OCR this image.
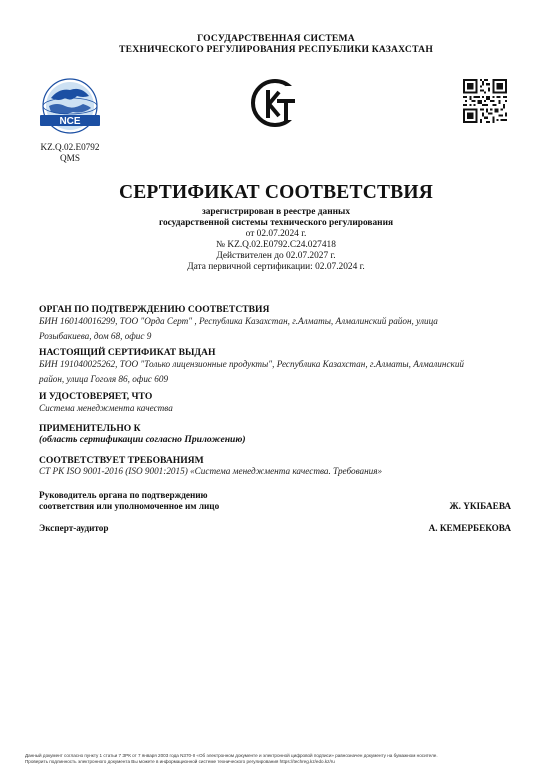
ГОСУДАРСТВЕННАЯ СИСТЕМА
ТЕХНИЧЕСКОГО РЕГУЛИРОВАНИЯ РЕСПУБЛИКИ КАЗАХСТАН
NCE
KZ.Q.02.E0792
QMS
СЕРТИФИКАТ СООТВЕТСТВИЯ
зарегистрирован в реестре данных
государственной системы технического регулирования
от 02.07.2024 г.
№ KZ.Q.02.E0792.С24.027418
Действителен до 02.07.2027 г.
Дата первичной сертификации: 02.07.2024 г.
ОРГАН ПО ПОДТВЕРЖДЕНИЮ СООТВЕТСТВИЯ
БИН 160140016299, ТОО "Орда Серт" , Республика Казахстан, г.Алматы, Алмалинский район, улица
Розыбакиева, дом 68, офис 9
НАСТОЯЩИЙ СЕРТИФИКАТ ВЫДАН
БИН 191040025262, ТОО "Только лицензионные продукты", Республика Казахстан, г.Алматы, Алмалинский
район, улица Гоголя 86, офис 609
И УДОСТОВЕРЯЕТ, ЧТО
Система менеджмента качества
ПРИМЕНИТЕЛЬНО К
(область сертификации согласно Приложению)
СООТВЕТСТВУЕТ ТРЕБОВАНИЯМ
СТ РК ISO 9001-2016 (ISO 9001:2015) «Система менеджмента качества. Требования»
Руководитель органа по подтверждению
соответствия или уполномоченное им лицо	Ж. ҮКІБАЕВА
Эксперт-аудитор	А. КЕМЕРБЕКОВА
Данный документ согласно пункту 1 статьи 7 ЗРК от 7 января 2003 года N370-II «Об электронном документе и электронной цифровой подписи» равнозначен документу на бумажном носителе.
Проверить подлинность электронного документа Вы можете в информационной системе технического регулирования https://techreg.kz/edo.kz/ru
